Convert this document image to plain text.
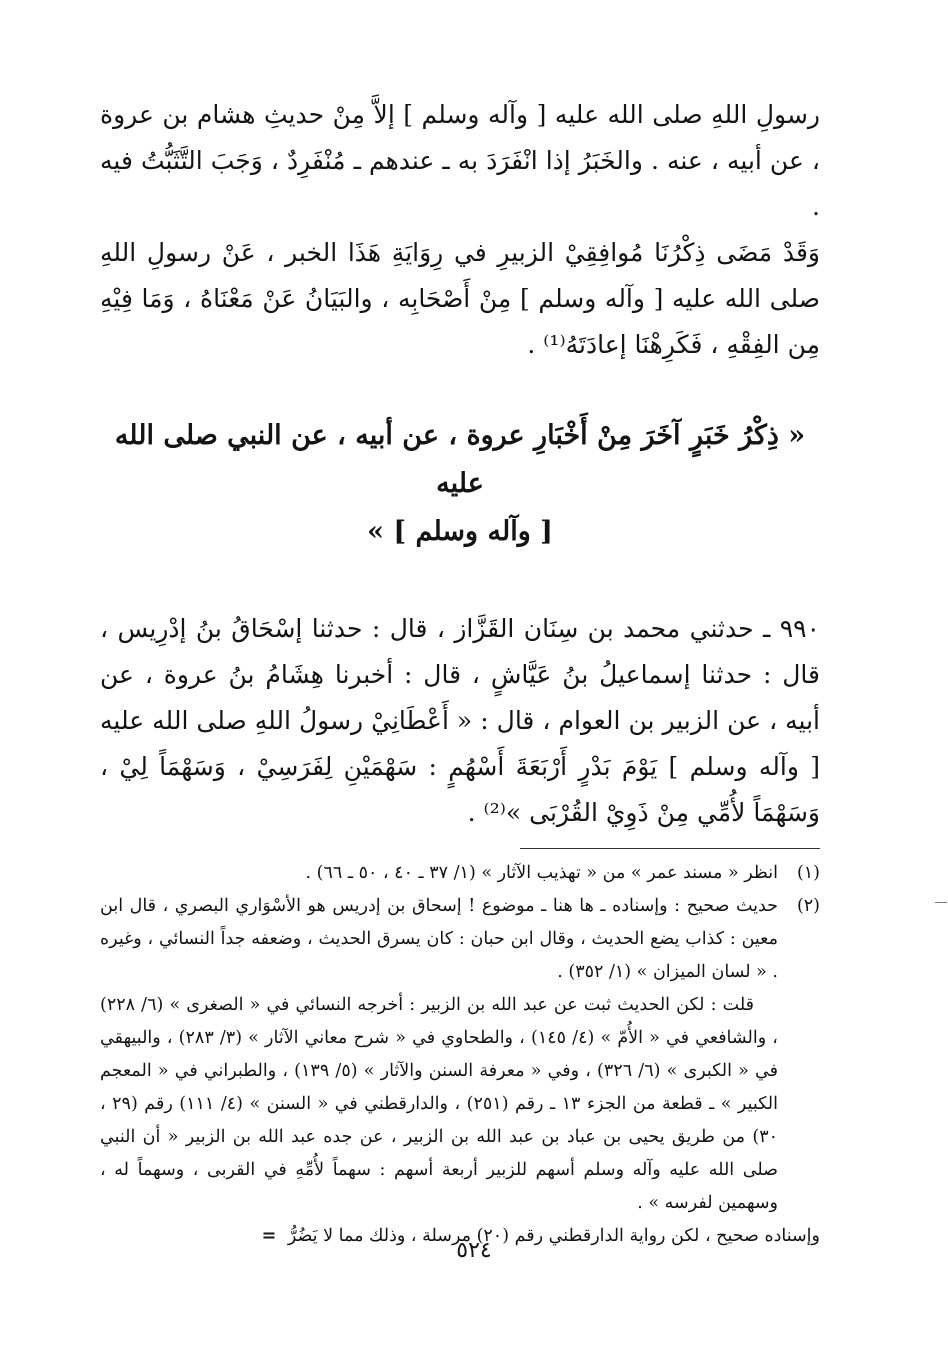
رسولِ اللهِ صلى الله عليه [ وآله وسلم ] إلاَّ مِنْ حديثِ هشام بن عروة ، عن أبيه ، عنه . والخَبَرُ إذا انْفَرَدَ به ـ عندهم ـ مُنْفَرِدٌ ، وَجَبَ التَّثَبُّتُ فيه .

وَقَدْ مَضَى ذِكْرُنَا مُوافِقِيْ الزبيرِ في رِوَايَةِ هَذَا الخبر ، عَنْ رسولِ اللهِ صلى الله عليه [ وآله وسلم ] مِنْ أَصْحَابِه ، والبَيَانُ عَنْ مَعْنَاهُ ، وَمَا فِيْهِ مِن الفِقْهِ ، فَكَرِهْنَا إعادَتَهُ⁽¹⁾ .

« ذِكْرُ خَبَرٍ آخَرَ مِنْ أَخْبَارِ عروة ، عن أبيه ، عن النبي صلى الله عليه
[ وآله وسلم ] »

٩٩٠ ـ حدثني محمد بن سِنَان القَزَّاز ، قال : حدثنا إسْحَاقُ بنُ إدْرِيس ، قال : حدثنا إسماعيلُ بنُ عَيَّاشٍ ، قال : أخبرنا هِشَامُ بنُ عروة ، عن أبيه ، عن الزبير بن العوام ، قال : « أَعْطَانِيْ رسولُ اللهِ صلى الله عليه [ وآله وسلم ] يَوْمَ بَدْرٍ أَرْبَعَةَ أَسْهُمٍ : سَهْمَيْنِ لِفَرَسِيْ ، وَسَهْمَاً لِيْ ، وَسَهْمَاً لأُمِّي مِنْ ذَوِيْ القُرْبَى »⁽²⁾ .

(١)

انظر « مسند عمر » من « تهذيب الآثار » (١/ ٣٧ ـ ٤٠ ، ٥٠ ـ ٦٦) .

(٢)

حديث صحيح : وإسناده ـ ها هنا ـ موضوع ! إسحاق بن إدريس هو الأسْوَاري البصري ، قال ابن معين : كذاب يضع الحديث ، وقال ابن حبان : كان يسرق الحديث ، وضعفه جداً النسائي ، وغيره . « لسان الميزان » (١/ ٣٥٢) .

قلت : لكن الحديث ثبت عن عبد الله بن الزبير : أخرجه النسائي في « الصغرى » (٦/ ٢٢٨) ، والشافعي في « الأُمّ » (٤/ ١٤٥) ، والطحاوي في « شرح معاني الآثار » (٣/ ٢٨٣) ، والبيهقي في « الكبرى » (٦/ ٣٢٦) ، وفي « معرفة السنن والآثار » (٥/ ١٣٩) ، والطبراني في « المعجم الكبير » ـ قطعة من الجزء ١٣ ـ رقم (٢٥١) ، والدارقطني في « السنن » (٤/ ١١١) رقم (٢٩ ، ٣٠) من طريق يحيى بن عباد بن عبد الله بن الزبير ، عن جده عبد الله بن الزبير « أن النبي صلى الله عليه وآله وسلم أسهم للزبير أربعة أسهم : سهماً لأُمِّهِ في القربى ، وسهماً له ، وسهمين لفرسه » .

وإسناده صحيح ، لكن رواية الدارقطني رقم (٢٠) مرسلة ، وذلك مما لا يَضُرُّ =

٥٢٤
